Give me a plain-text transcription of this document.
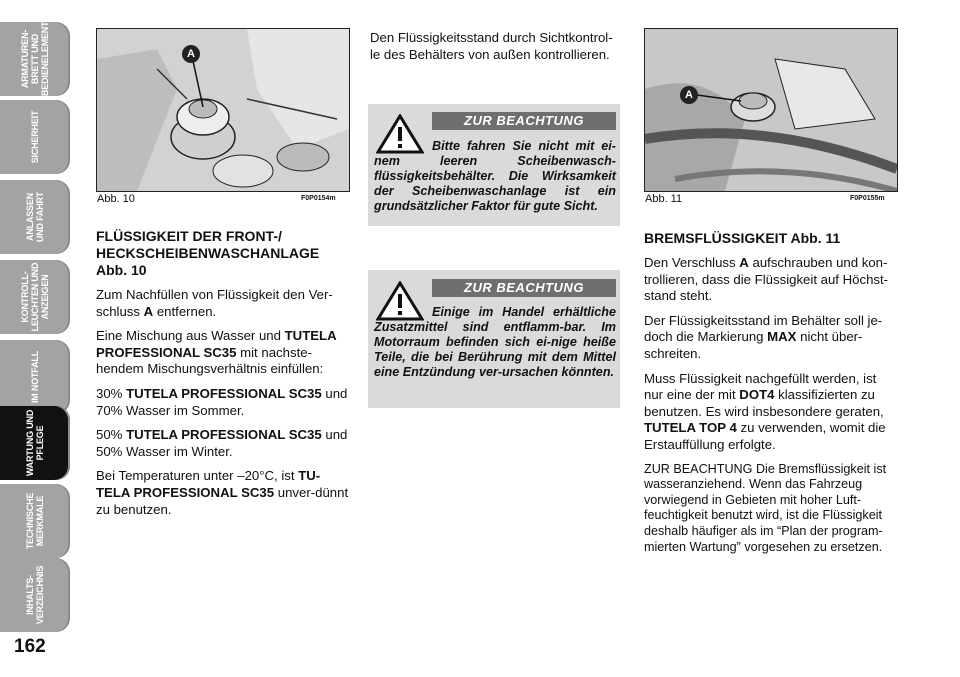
ARMATUREN-
BRETT UND
BEDIENELEMENTE
SICHERHEIT
ANLASSEN
UND FAHRT
KONTROLL-
LEUCHTEN UND
ANZEIGEN
IM NOTFALL
WARTUNG UND
PFLEGE
TECHNISCHE
MERKMALE
INHALTS-
VERZEICHNIS
162
A
Abb. 10	F0P0154m
A
Abb. 11	F0P0155m

FLÜSSIGKEIT DER FRONT-/ HECKSCHEIBENWASCHANLAGE Abb. 10

Zum Nachfüllen von Flüssigkeit den Ver-schluss A entfernen.

Eine Mischung aus Wasser und TUTELA PROFESSIONAL SC35 mit nachste-hendem Mischungsverhältnis einfüllen:

30% TUTELA PROFESSIONAL SC35 und 70% Wasser im Sommer.

50% TUTELA PROFESSIONAL SC35 und 50% Wasser im Winter.

Bei Temperaturen unter –20°C, ist TU-TELA PROFESSIONAL SC35 unver-dünnt zu benutzen.

Den Flüssigkeitsstand durch Sichtkontrol-le des Behälters von außen kontrollieren.
ZUR BEACHTUNG
Bitte fahren Sie nicht mit ei-nem leeren Scheibenwasch-flüssigkeitsbehälter. Die Wirksamkeit der Scheibenwaschanlage ist ein grundsätzlicher Faktor für gute Sicht.
ZUR BEACHTUNG
Einige im Handel erhältliche Zusatzmittel sind entflamm-bar. Im Motorraum befinden sich ei-nige heiße Teile, die bei Berührung mit dem Mittel eine Entzündung ver-ursachen könnten.

BREMSFLÜSSIGKEIT Abb. 11

Den Verschluss A aufschrauben und kon-trollieren, dass die Flüssigkeit auf Höchst-stand steht.

Der Flüssigkeitsstand im Behälter soll je-doch die Markierung MAX nicht über-schreiten.

Muss Flüssigkeit nachgefüllt werden, ist nur eine der mit DOT4 klassifizierten zu benutzen. Es wird insbesondere geraten, TUTELA TOP 4 zu verwenden, womit die Erstauffüllung erfolgte.

ZUR BEACHTUNG Die Bremsflüssigkeit ist wasseranziehend. Wenn das Fahrzeug vorwiegend in Gebieten mit hoher Luft-feuchtigkeit benutzt wird, ist die Flüssigkeit deshalb häufiger als im “Plan der program-mierten Wartung” vorgesehen zu ersetzen.
